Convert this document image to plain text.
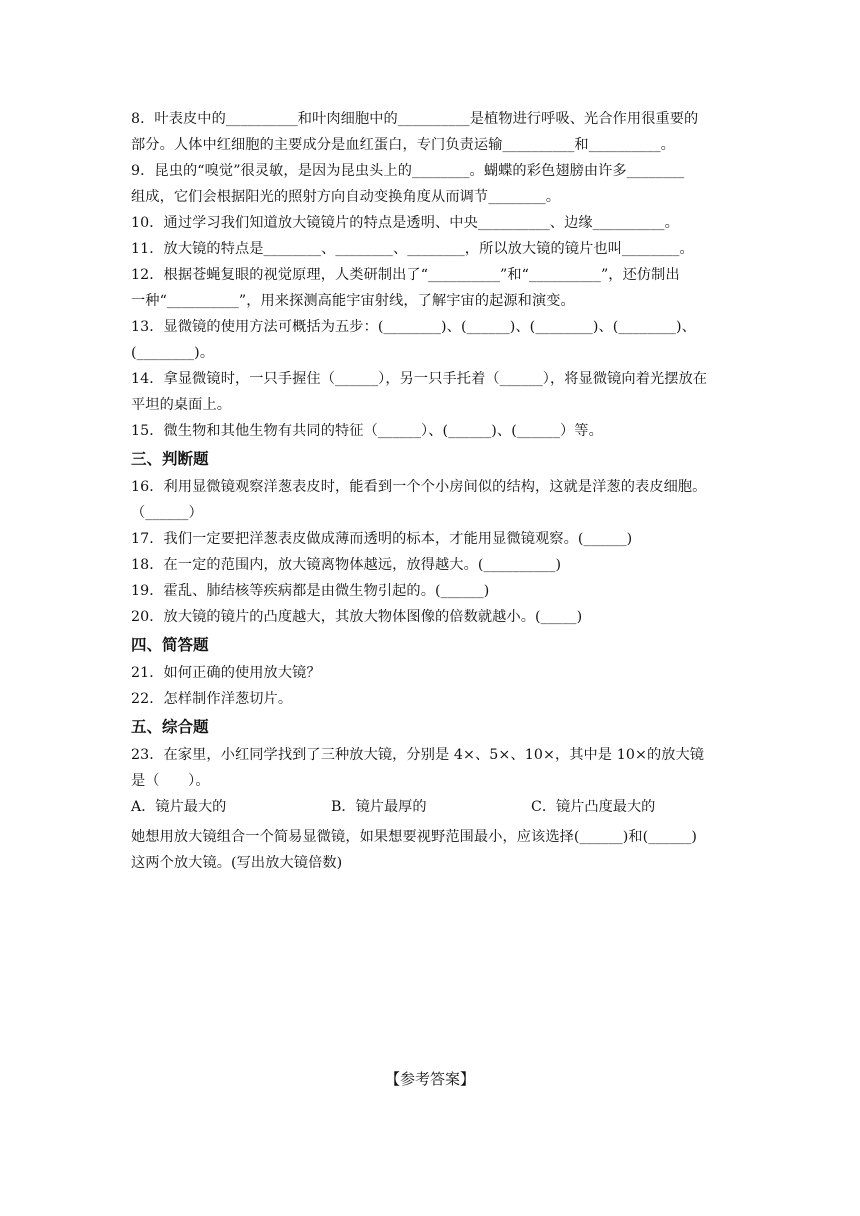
8．叶表皮中的__________和叶肉细胞中的__________是植物进行呼吸、光合作用很重要的
部分。人体中红细胞的主要成分是血红蛋白，专门负责运输__________和__________。
9．昆虫的“嗅觉”很灵敏，是因为昆虫头上的________。蝴蝶的彩色翅膀由许多________
组成，它们会根据阳光的照射方向自动变换角度从而调节________。
10．通过学习我们知道放大镜镜片的特点是透明、中央__________、边缘__________。
11．放大镜的特点是________、________、________，所以放大镜的镜片也叫________。
12．根据苍蝇复眼的视觉原理，人类研制出了“__________”和“__________”，还仿制出
一种“__________”，用来探测高能宇宙射线，了解宇宙的起源和演变。
13．显微镜的使用方法可概括为五步：(________)、(______)、(________)、(________)、
(________)。
14．拿显微镜时，一只手握住（______），另一只手托着（______），将显微镜向着光摆放在
平坦的桌面上。
15．微生物和其他生物有共同的特征（______）、(______)、(______）等。
三、判断题
16．利用显微镜观察洋葱表皮时，能看到一个个小房间似的结构，这就是洋葱的表皮细胞。
（______）
17．我们一定要把洋葱表皮做成薄而透明的标本，才能用显微镜观察。(______)
18．在一定的范围内，放大镜离物体越远，放得越大。(__________)
19．霍乱、肺结核等疾病都是由微生物引起的。(______)
20．放大镜的镜片的凸度越大，其放大物体图像的倍数就越小。(_____)
四、简答题
21．如何正确的使用放大镜？
22．怎样制作洋葱切片。
五、综合题
23．在家里，小红同学找到了三种放大镜，分别是 4×、5×、10×，其中是 10×的放大镜
是（　　）。
A．镜片最大的	B．镜片最厚的	C．镜片凸度最大的
她想用放大镜组合一个简易显微镜，如果想要视野范围最小，应该选择(______)和(______)
这两个放大镜。(写出放大镜倍数)
【参考答案】
